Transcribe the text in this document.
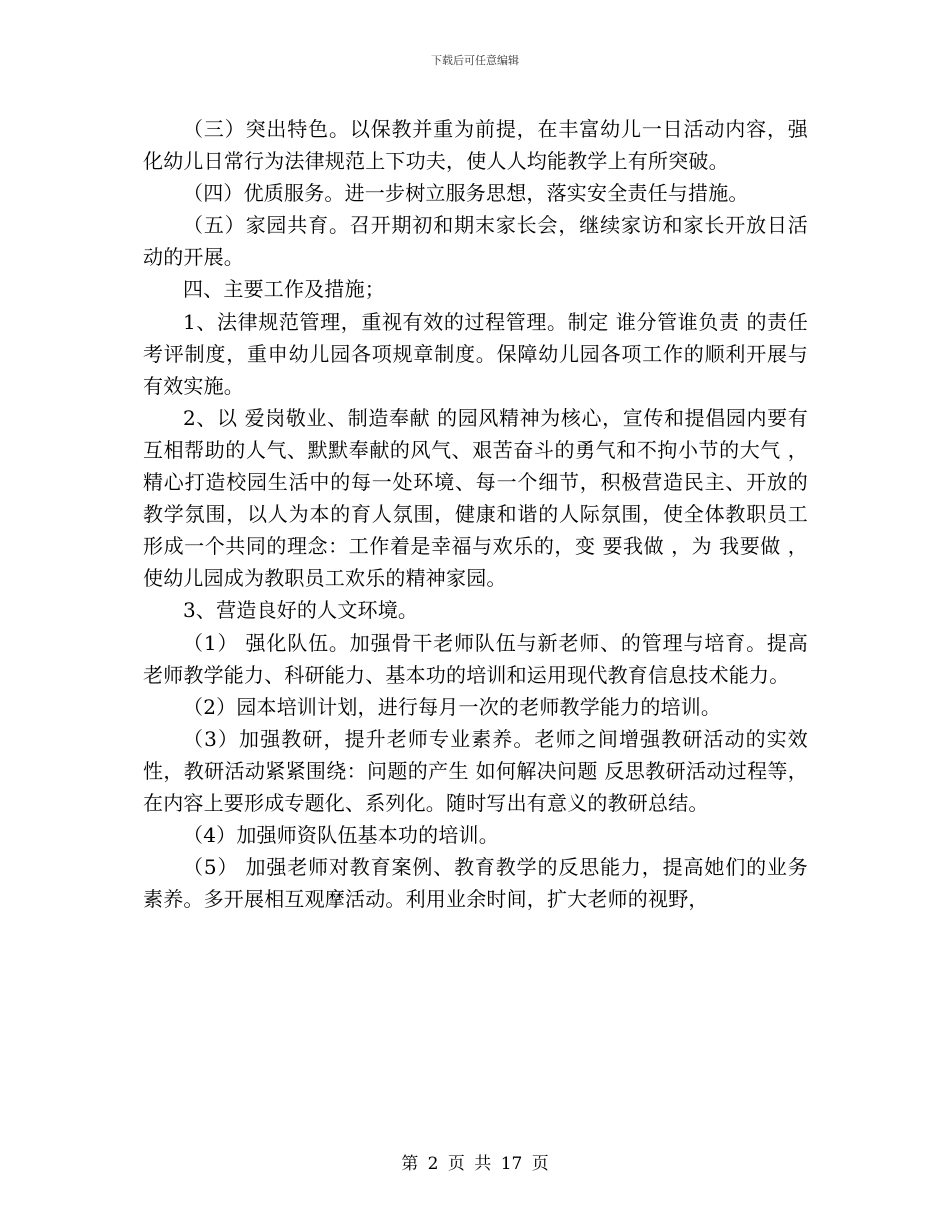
下载后可任意编辑

（三）突出特色。以保教并重为前提，在丰富幼儿一日活动内容，强化幼儿日常行为法律规范上下功夫，使人人均能教学上有所突破。

（四）优质服务。进一步树立服务思想，落实安全责任与措施。

（五）家园共育。召开期初和期末家长会，继续家访和家长开放日活动的开展。

四、主要工作及措施；

1、法律规范管理，重视有效的过程管理。制定 谁分管谁负责 的责任考评制度，重申幼儿园各项规章制度。保障幼儿园各项工作的顺利开展与有效实施。

2、以 爱岗敬业、制造奉献 的园风精神为核心，宣传和提倡园内要有 互相帮助的人气、默默奉献的风气、艰苦奋斗的勇气和不拘小节的大气 ，精心打造校园生活中的每一处环境、每一个细节，积极营造民主、开放的教学氛围，以人为本的育人氛围，健康和谐的人际氛围，使全体教职员工形成一个共同的理念：工作着是幸福与欢乐的，变 要我做 ，为 我要做 ，使幼儿园成为教职员工欢乐的精神家园。

3、营造良好的人文环境。

（1） 强化队伍。加强骨干老师队伍与新老师、的管理与培育。提高老师教学能力、科研能力、基本功的培训和运用现代教育信息技术能力。

（2）园本培训计划，进行每月一次的老师教学能力的培训。

（3）加强教研，提升老师专业素养。老师之间增强教研活动的实效性，教研活动紧紧围绕：问题的产生 如何解决问题 反思教研活动过程等，在内容上要形成专题化、系列化。随时写出有意义的教研总结。

（4）加强师资队伍基本功的培训。

（5） 加强老师对教育案例、教育教学的反思能力，提高她们的业务素养。多开展相互观摩活动。利用业余时间，扩大老师的视野，

第 2 页 共 17 页
